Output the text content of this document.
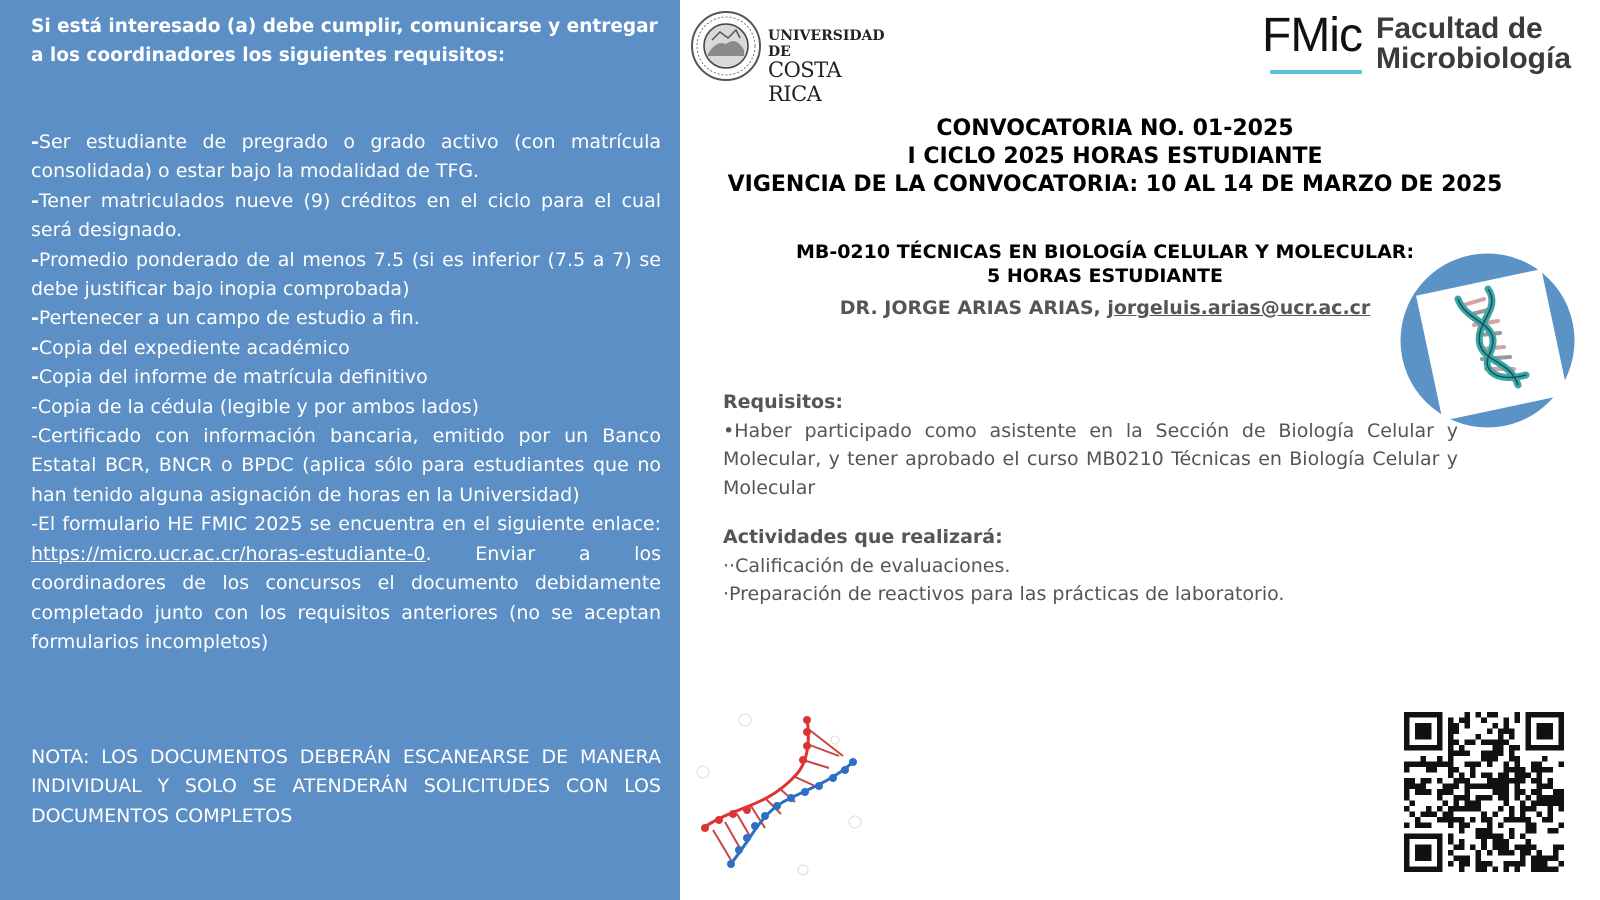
Si está interesado (a) debe cumplir, comunicarse y entregar a los coordinadores los siguientes requisitos:

-Ser estudiante de pregrado o grado activo (con matrícula consolidada) o estar bajo la modalidad de TFG.
-Tener matriculados nueve (9) créditos en el ciclo para el cual será designado.
-Promedio ponderado de al menos 7.5 (si es inferior (7.5 a 7) se debe justificar bajo inopia comprobada)
-Pertenecer a un campo de estudio a fin.
-Copia del expediente académico
-Copia del informe de matrícula definitivo
-Copia de la cédula (legible y por ambos lados)
-Certificado con información bancaria, emitido por un Banco Estatal BCR, BNCR o BPDC (aplica sólo para estudiantes que no han tenido alguna asignación de horas en la Universidad)
-El formulario HE FMIC 2025 se encuentra en el siguiente enlace: https://micro.ucr.ac.cr/horas-estudiante-0. Enviar a los coordinadores de los concursos el documento debidamente completado junto con los requisitos anteriores (no se aceptan formularios incompletos)

NOTA: LOS DOCUMENTOS DEBERÁN ESCANEARSE DE MANERA INDIVIDUAL Y SOLO SE ATENDERÁN SOLICITUDES CON LOS DOCUMENTOS COMPLETOS

UNIVERSIDAD DE
COSTA RICA
FMic Facultad de
Microbiología
CONVOCATORIA NO. 01-2025
I CICLO 2025 HORAS ESTUDIANTE
VIGENCIA DE LA CONVOCATORIA: 10 AL 14 DE MARZO DE 2025
MB-0210 TÉCNICAS EN BIOLOGÍA CELULAR Y MOLECULAR:
5 HORAS ESTUDIANTE
DR. JORGE ARIAS ARIAS, jorgeluis.arias@ucr.ac.cr
Requisitos:

•Haber participado como asistente en la Sección de Biología Celular y Molecular, y tener aprobado el curso MB0210 Técnicas en Biología Celular y Molecular

Actividades que realizará:

··Calificación de evaluaciones.

·Preparación de reactivos para las prácticas de laboratorio.
